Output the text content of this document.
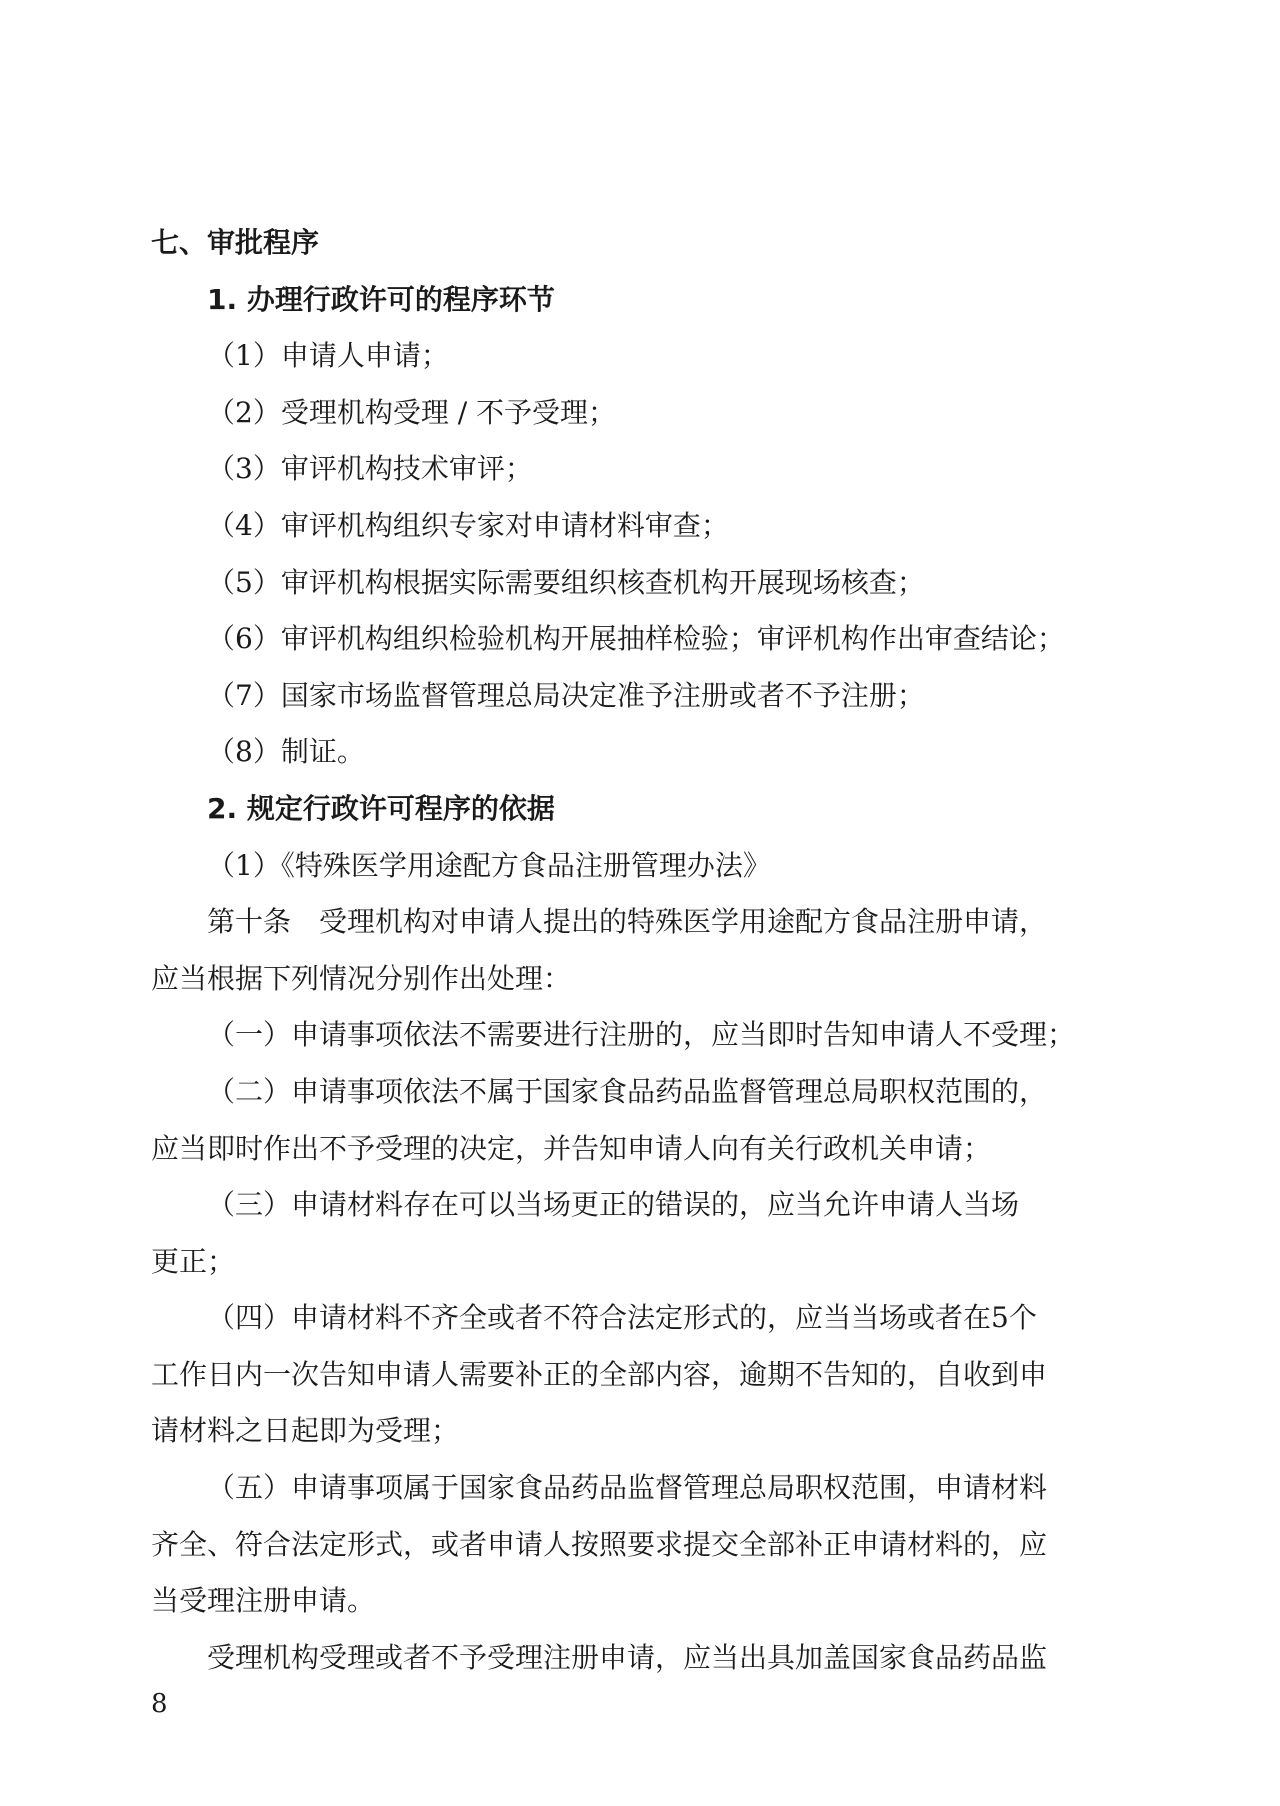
七、审批程序

1. 办理行政许可的程序环节

（1）申请人申请；

（2）受理机构受理 / 不予受理；

（3）审评机构技术审评；

（4）审评机构组织专家对申请材料审查；

（5）审评机构根据实际需要组织核查机构开展现场核查；

（6）审评机构组织检验机构开展抽样检验；审评机构作出审查结论；

（7）国家市场监督管理总局决定准予注册或者不予注册；

（8）制证。

2. 规定行政许可程序的依据

（1）《特殊医学用途配方食品注册管理办法》

第十条　受理机构对申请人提出的特殊医学用途配方食品注册申请，

应当根据下列情况分别作出处理：

（一）申请事项依法不需要进行注册的，应当即时告知申请人不受理；

（二）申请事项依法不属于国家食品药品监督管理总局职权范围的，

应当即时作出不予受理的决定，并告知申请人向有关行政机关申请；

（三）申请材料存在可以当场更正的错误的，应当允许申请人当场

更正；

（四）申请材料不齐全或者不符合法定形式的，应当当场或者在5个

工作日内一次告知申请人需要补正的全部内容，逾期不告知的，自收到申

请材料之日起即为受理；

（五）申请事项属于国家食品药品监督管理总局职权范围，申请材料

齐全、符合法定形式，或者申请人按照要求提交全部补正申请材料的，应

当受理注册申请。

受理机构受理或者不予受理注册申请，应当出具加盖国家食品药品监

8
